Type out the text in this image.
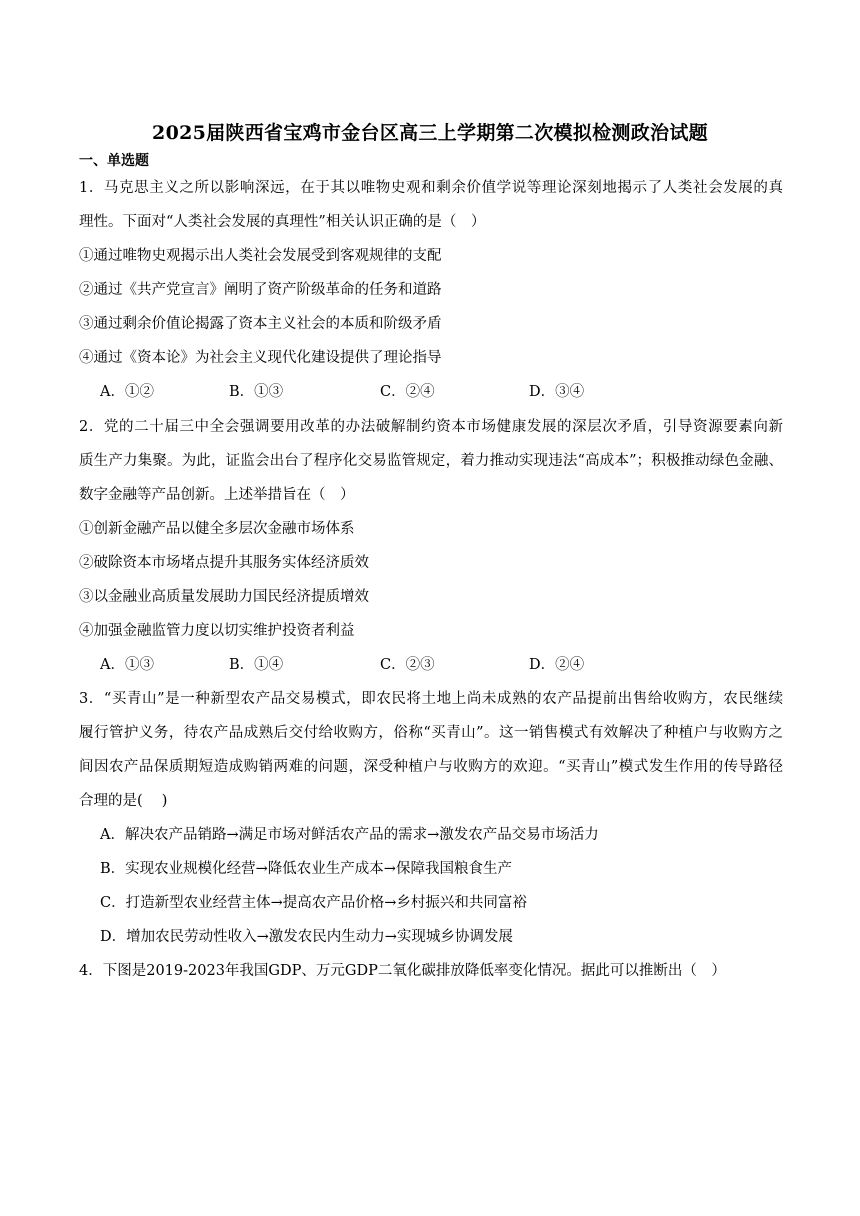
2025届陕西省宝鸡市金台区高三上学期第二次模拟检测政治试题
一、单选题
1．马克思主义之所以影响深远，在于其以唯物史观和剩余价值学说等理论深刻地揭示了人类社会发展的真
理性。下面对“人类社会发展的真理性”相关认识正确的是（　）
①通过唯物史观揭示出人类社会发展受到客观规律的支配
②通过《共产党宣言》阐明了资产阶级革命的任务和道路
③通过剩余价值论揭露了资本主义社会的本质和阶级矛盾
④通过《资本论》为社会主义现代化建设提供了理论指导
A．①②	B．①③	C．②④	D．③④
2．党的二十届三中全会强调要用改革的办法破解制约资本市场健康发展的深层次矛盾，引导资源要素向新
质生产力集聚。为此，证监会出台了程序化交易监管规定，着力推动实现违法“高成本”；积极推动绿色金融、
数字金融等产品创新。上述举措旨在（　）
①创新金融产品以健全多层次金融市场体系
②破除资本市场堵点提升其服务实体经济质效
③以金融业高质量发展助力国民经济提质增效
④加强金融监管力度以切实维护投资者利益
A．①③	B．①④	C．②③	D．②④
3．“买青山”是一种新型农产品交易模式，即农民将土地上尚未成熟的农产品提前出售给收购方，农民继续
履行管护义务，待农产品成熟后交付给收购方，俗称“买青山”。这一销售模式有效解决了种植户与收购方之
间因农产品保质期短造成购销两难的问题，深受种植户与收购方的欢迎。“买青山”模式发生作用的传导路径
合理的是(　 )
A．解决农产品销路→满足市场对鲜活农产品的需求→激发农产品交易市场活力
B．实现农业规模化经营→降低农业生产成本→保障我国粮食生产
C．打造新型农业经营主体→提高农产品价格→乡村振兴和共同富裕
D．增加农民劳动性收入→激发农民内生动力→实现城乡协调发展
4．下图是2019-2023年我国GDP、万元GDP二氧化碳排放降低率变化情况。据此可以推断出（　）
